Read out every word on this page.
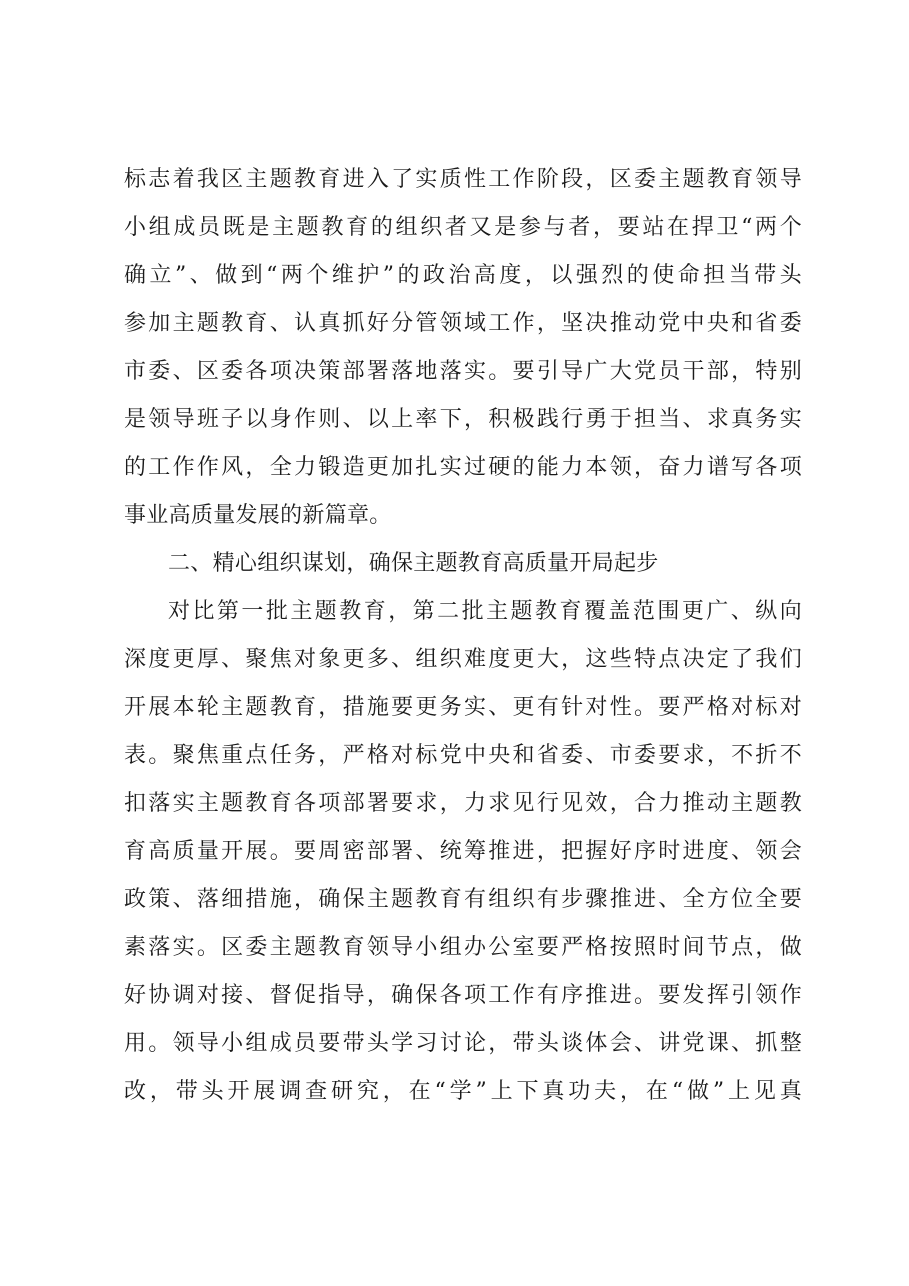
标志着我区主题教育进入了实质性工作阶段，区委主题教育领导
小组成员既是主题教育的组织者又是参与者，要站在捍卫“两个
确立”、做到“两个维护”的政治高度，以强烈的使命担当带头
参加主题教育、认真抓好分管领域工作，坚决推动党中央和省委
市委、区委各项决策部署落地落实。要引导广大党员干部，特别
是领导班子以身作则、以上率下，积极践行勇于担当、求真务实
的工作作风，全力锻造更加扎实过硬的能力本领，奋力谱写各项
事业高质量发展的新篇章。
二、精心组织谋划，确保主题教育高质量开局起步
对比第一批主题教育，第二批主题教育覆盖范围更广、纵向
深度更厚、聚焦对象更多、组织难度更大，这些特点决定了我们
开展本轮主题教育，措施要更务实、更有针对性。要严格对标对
表。聚焦重点任务，严格对标党中央和省委、市委要求，不折不
扣落实主题教育各项部署要求，力求见行见效，合力推动主题教
育高质量开展。要周密部署、统筹推进，把握好序时进度、领会
政策、落细措施，确保主题教育有组织有步骤推进、全方位全要
素落实。区委主题教育领导小组办公室要严格按照时间节点，做
好协调对接、督促指导，确保各项工作有序推进。要发挥引领作
用。领导小组成员要带头学习讨论，带头谈体会、讲党课、抓整
改，带头开展调查研究，在“学”上下真功夫，在“做”上见真
